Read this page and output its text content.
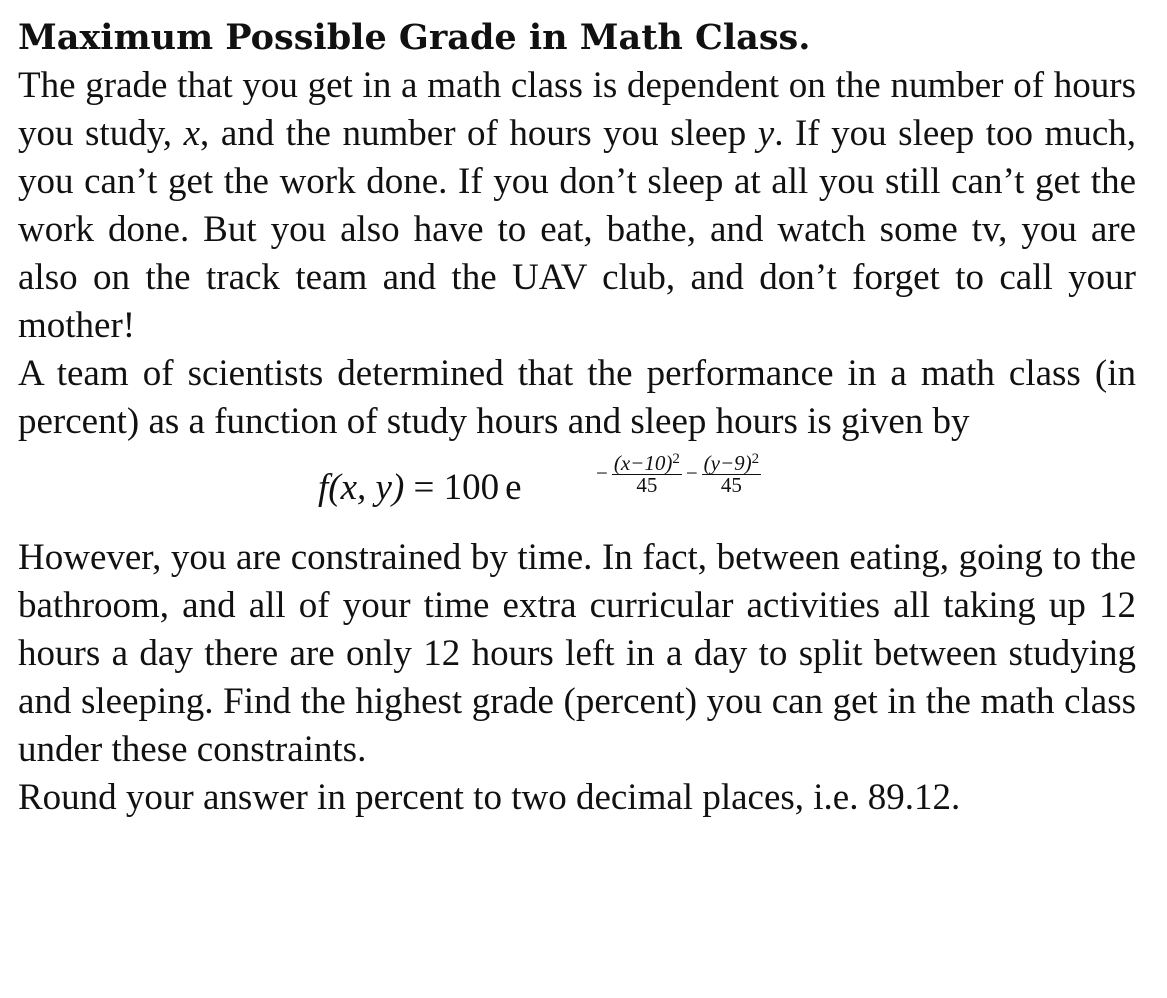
Maximum Possible Grade in Math Class.

The grade that you get in a math class is dependent on the number of hours you study, x, and the number of hours you sleep y. If you sleep too much, you can’t get the work done. If you don’t sleep at all you still can’t get the work done. But you also have to eat, bathe, and watch some tv, you are also on the track team and the UAV club, and don’t forget to call your mother!

A team of scientists determined that the performance in a math class (in percent) as a function of study hours and sleep hours is given by

f(x, y) = 100 e	− $\frac{(x-10)^2}{45} - \frac{(y-9)^2}{45}$

However, you are constrained by time. In fact, between eating, going to the bathroom, and all of your time extra curricular activities all taking up 12 hours a day there are only 12 hours left in a day to split between studying and sleeping. Find the highest grade (percent) you can get in the math class under these constraints.

Round your answer in percent to two decimal places, i.e. 89.12.
